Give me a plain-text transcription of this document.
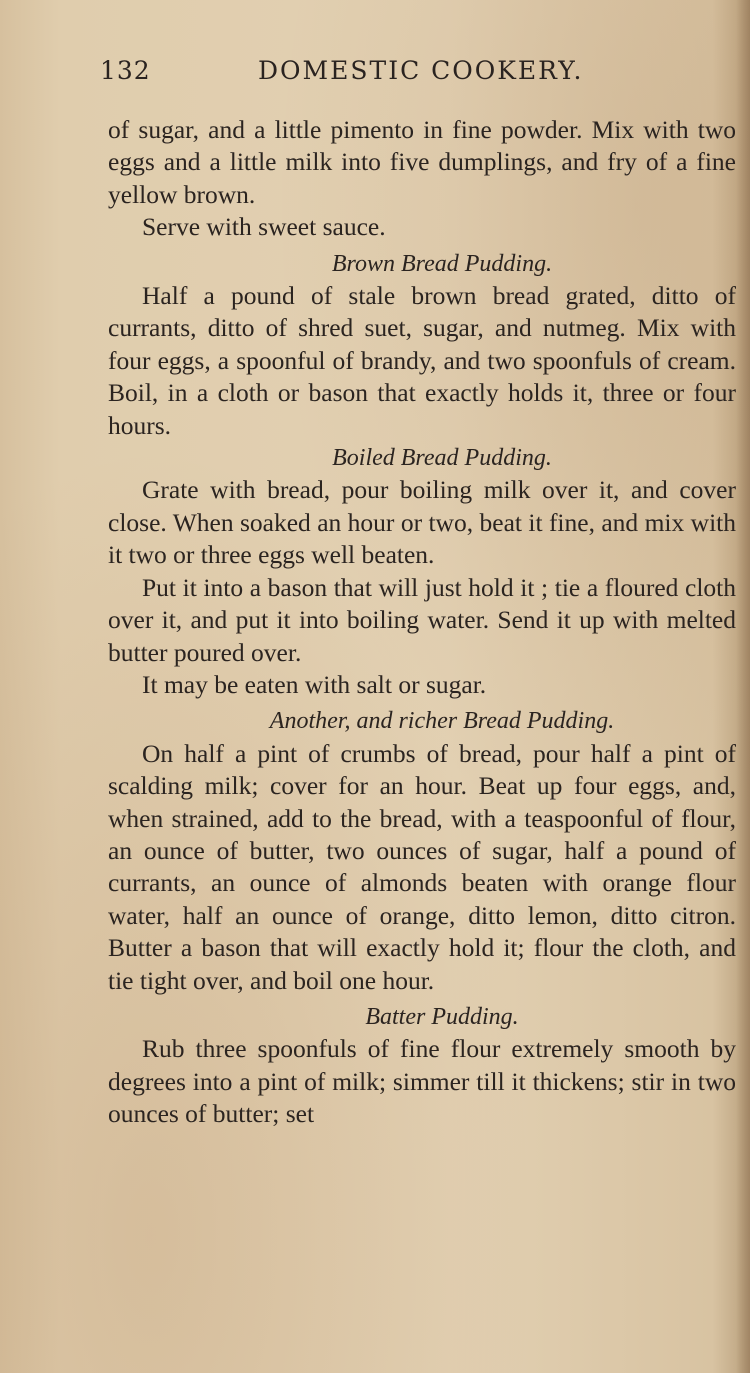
132	DOMESTIC COOKERY.

of sugar, and a little pimento in fine powder. Mix with two eggs and a little milk into five dumplings, and fry of a fine yellow brown.

Serve with sweet sauce.

Brown Bread Pudding.

Half a pound of stale brown bread grated, ditto of currants, ditto of shred suet, sugar, and nutmeg. Mix with four eggs, a spoonful of brandy, and two spoonfuls of cream. Boil, in a cloth or bason that exactly holds it, three or four hours.

Boiled Bread Pudding.

Grate with bread, pour boiling milk over it, and cover close. When soaked an hour or two, beat it fine, and mix with it two or three eggs well beaten.

Put it into a bason that will just hold it ; tie a floured cloth over it, and put it into boiling water. Send it up with melted butter poured over.

It may be eaten with salt or sugar.

Another, and richer Bread Pudding.

On half a pint of crumbs of bread, pour half a pint of scalding milk; cover for an hour. Beat up four eggs, and, when strained, add to the bread, with a teaspoonful of flour, an ounce of butter, two ounces of sugar, half a pound of currants, an ounce of almonds beaten with orange flour water, half an ounce of orange, ditto lemon, ditto citron. Butter a bason that will exactly hold it; flour the cloth, and tie tight over, and boil one hour.

Batter Pudding.

Rub three spoonfuls of fine flour extremely smooth by degrees into a pint of milk; simmer till it thickens; stir in two ounces of butter; set
